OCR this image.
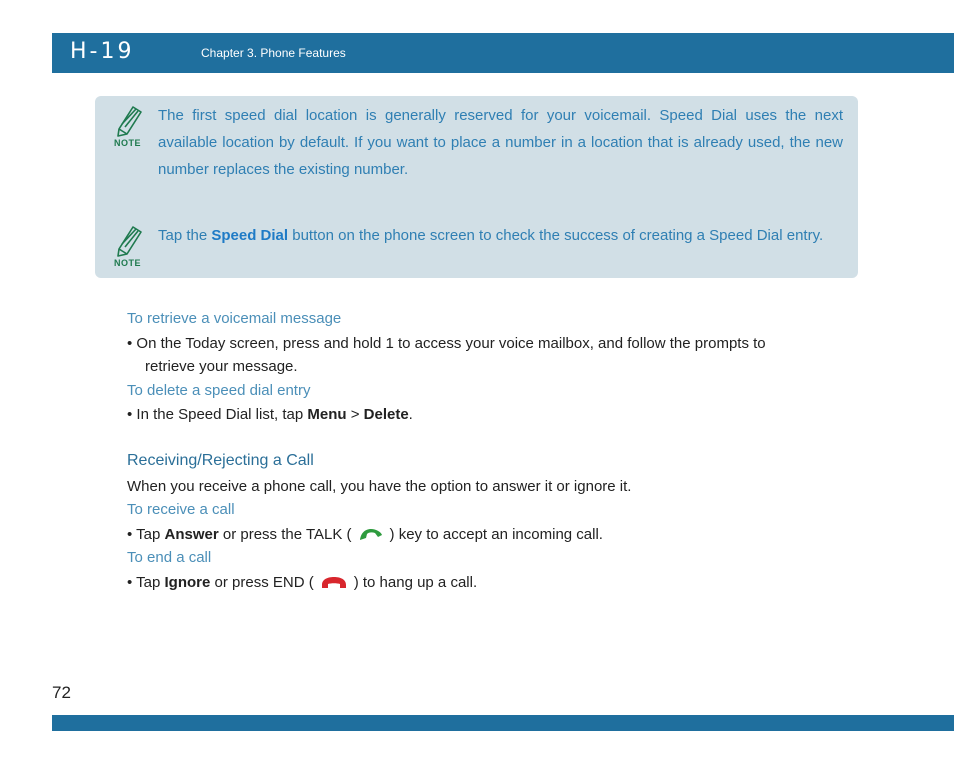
H-19	Chapter 3. Phone Features
NOTE
The first speed dial location is generally reserved for your voicemail. Speed Dial uses the next available location by default. If you want to place a number in a location that is already used, the new number replaces the existing number.
NOTE
Tap the Speed Dial button on the phone screen to check the success of creating a Speed Dial entry.
To retrieve a voicemail message
• On the Today screen, press and hold 1 to access your voice mailbox, and follow the prompts to
retrieve your message.
To delete a speed dial entry
• In the Speed Dial list, tap Menu > Delete.
Receiving/Rejecting a Call
When you receive a phone call, you have the option to answer it or ignore it.
To receive a call
• Tap Answer or press the TALK (	) key to accept an incoming call.
To end a call
• Tap Ignore or press END (	) to hang up a call.
72
